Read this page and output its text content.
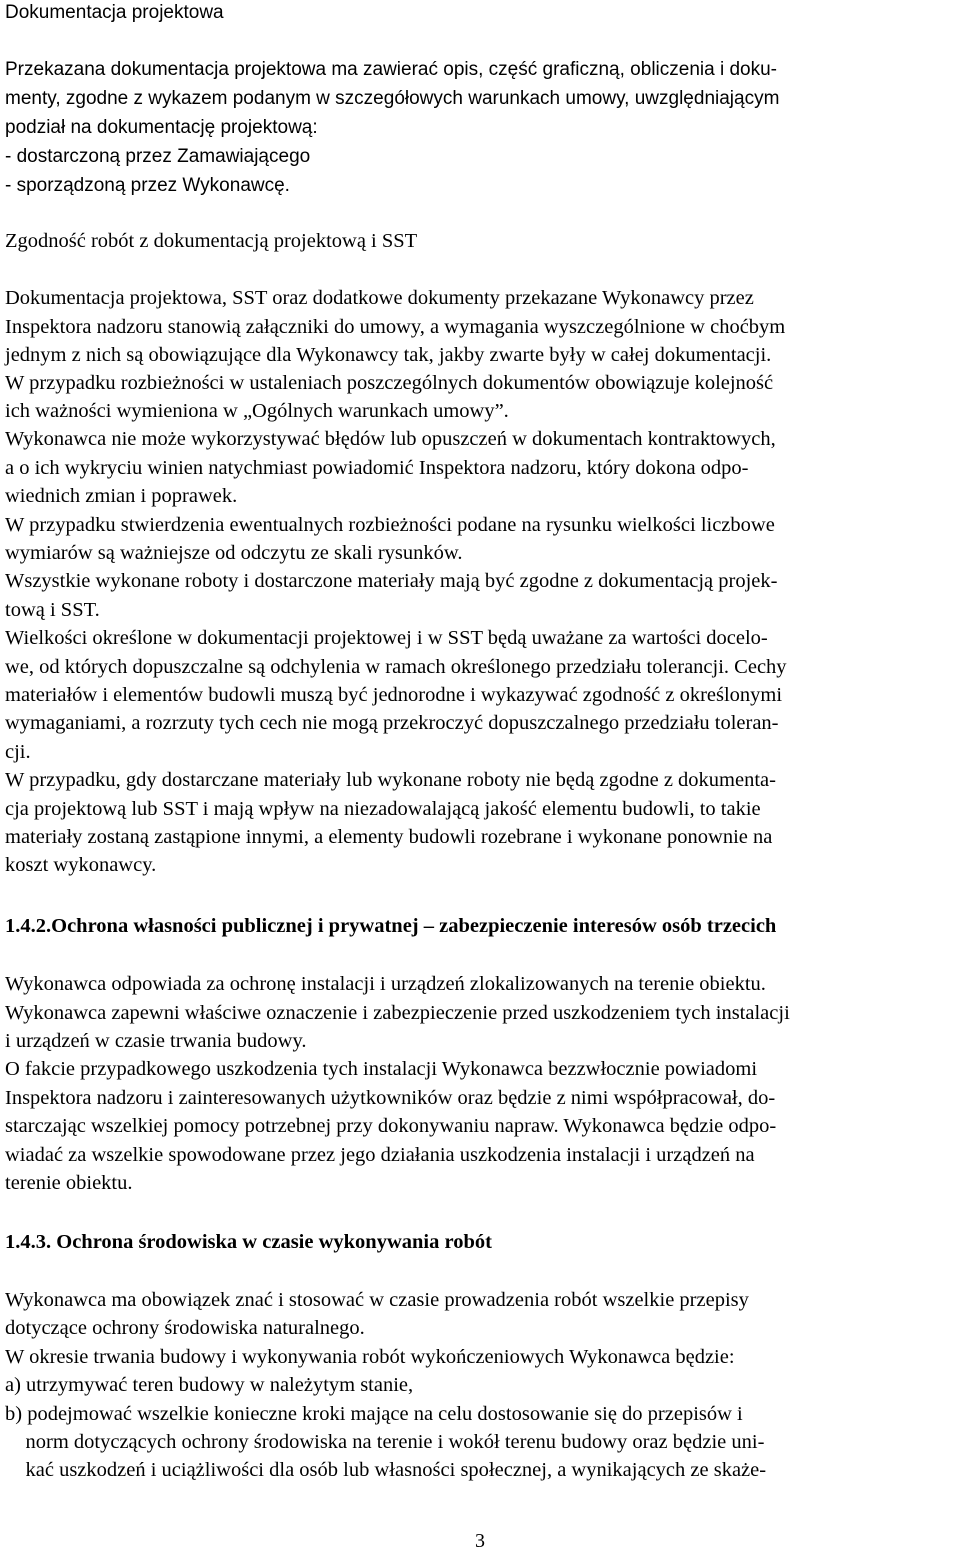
Dokumentacja projektowa
Przekazana dokumentacja projektowa ma zawierać opis, część graficzną, obliczenia i doku-
menty, zgodne z wykazem podanym w szczegółowych warunkach umowy, uwzględniającym
podział na dokumentację projektową:
- dostarczoną przez Zamawiającego
- sporządzoną przez Wykonawcę.
Zgodność robót z dokumentacją projektową i SST
Dokumentacja projektowa, SST oraz dodatkowe dokumenty przekazane Wykonawcy przez
Inspektora nadzoru stanowią załączniki do umowy, a wymagania wyszczególnione w choćbym
jednym z nich są obowiązujące dla Wykonawcy tak, jakby zwarte były w całej dokumentacji.
W przypadku rozbieżności w ustaleniach poszczególnych dokumentów obowiązuje kolejność
ich ważności wymieniona w „Ogólnych warunkach umowy”.
Wykonawca nie może wykorzystywać błędów lub opuszczeń w dokumentach kontraktowych,
a o ich wykryciu winien natychmiast powiadomić Inspektora nadzoru, który dokona odpo-
wiednich zmian i poprawek.
W przypadku stwierdzenia ewentualnych rozbieżności podane na rysunku wielkości liczbowe
wymiarów są ważniejsze od odczytu ze skali rysunków.
Wszystkie wykonane roboty i dostarczone materiały mają być zgodne z dokumentacją projek-
tową i SST.
Wielkości określone w dokumentacji projektowej i w SST będą uważane za wartości docelo-
we, od których dopuszczalne są odchylenia w ramach określonego przedziału tolerancji. Cechy
materiałów i elementów budowli muszą być jednorodne i wykazywać zgodność z określonymi
wymaganiami, a rozrzuty tych cech nie mogą przekroczyć dopuszczalnego przedziału toleran-
cji.
W przypadku, gdy dostarczane materiały lub wykonane roboty nie będą zgodne z dokumenta-
cja projektową lub SST i mają wpływ na niezadowalającą jakość elementu budowli, to takie
materiały zostaną zastąpione innymi, a elementy budowli rozebrane i wykonane ponownie na
koszt wykonawcy.
1.4.2.Ochrona własności publicznej i prywatnej – zabezpieczenie interesów osób trzecich
Wykonawca odpowiada za ochronę instalacji i urządzeń zlokalizowanych na terenie obiektu.
Wykonawca zapewni właściwe oznaczenie i zabezpieczenie przed uszkodzeniem tych instalacji
i urządzeń w czasie trwania budowy.
O fakcie przypadkowego uszkodzenia tych instalacji Wykonawca bezzwłocznie powiadomi
Inspektora nadzoru i zainteresowanych użytkowników oraz będzie z nimi współpracował, do-
starczając wszelkiej pomocy potrzebnej przy dokonywaniu napraw. Wykonawca będzie odpo-
wiadać za wszelkie spowodowane przez jego działania uszkodzenia instalacji i urządzeń na
terenie obiektu.
1.4.3. Ochrona środowiska w czasie wykonywania robót
Wykonawca ma obowiązek znać i stosować w czasie prowadzenia robót wszelkie przepisy
dotyczące ochrony środowiska naturalnego.
W okresie trwania budowy i wykonywania robót wykończeniowych Wykonawca będzie:
a) utrzymywać teren budowy w należytym stanie,
b) podejmować wszelkie konieczne kroki mające na celu dostosowanie się do przepisów i
norm dotyczących ochrony środowiska na terenie i wokół terenu budowy oraz będzie uni-
kać uszkodzeń i uciążliwości dla osób lub własności społecznej, a wynikających ze skaże-
3
